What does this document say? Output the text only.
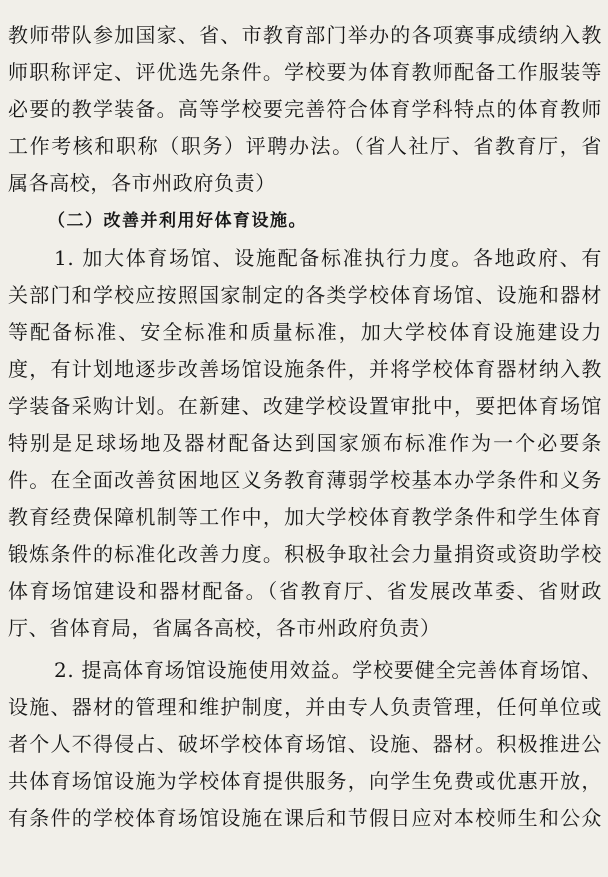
教师带队参加国家、省、市教育部门举办的各项赛事成绩纳入教
师职称评定、评优选先条件。学校要为体育教师配备工作服装等
必要的教学装备。高等学校要完善符合体育学科特点的体育教师
工作考核和职称（职务）评聘办法。（省人社厅、省教育厅，省
属各高校，各市州政府负责）
（二）改善并利用好体育设施。
1. 加大体育场馆、设施配备标准执行力度。各地政府、有
关部门和学校应按照国家制定的各类学校体育场馆、设施和器材
等配备标准、安全标准和质量标准，加大学校体育设施建设力
度，有计划地逐步改善场馆设施条件，并将学校体育器材纳入教
学装备采购计划。在新建、改建学校设置审批中，要把体育场馆
特别是足球场地及器材配备达到国家颁布标准作为一个必要条
件。在全面改善贫困地区义务教育薄弱学校基本办学条件和义务
教育经费保障机制等工作中，加大学校体育教学条件和学生体育
锻炼条件的标准化改善力度。积极争取社会力量捐资或资助学校
体育场馆建设和器材配备。（省教育厅、省发展改革委、省财政
厅、省体育局，省属各高校，各市州政府负责）
2. 提高体育场馆设施使用效益。学校要健全完善体育场馆、
设施、器材的管理和维护制度，并由专人负责管理，任何单位或
者个人不得侵占、破坏学校体育场馆、设施、器材。积极推进公
共体育场馆设施为学校体育提供服务，向学生免费或优惠开放，
有条件的学校体育场馆设施在课后和节假日应对本校师生和公众
